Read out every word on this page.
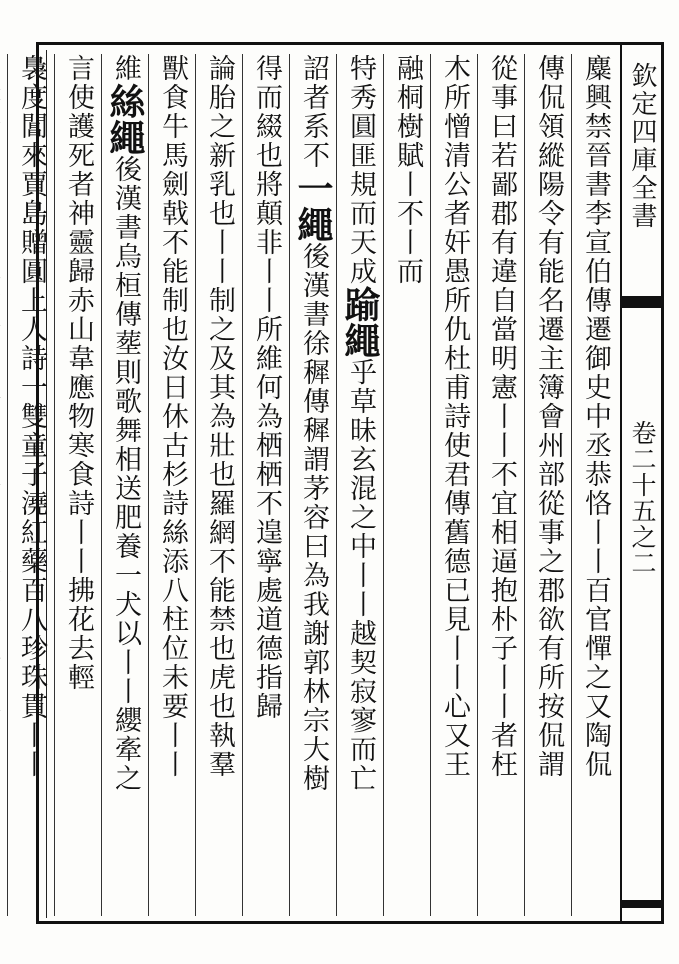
欽定四庫全書
卷二十五之二
麋興禁晉書李宣伯傳遷御史中丞恭恪丨丨百官憚之又陶侃
傳侃領縱陽令有能名遷主簿會州部從事之郡欲有所按侃謂
從事曰若鄙郡有違自當明憲丨丨不宜相逼抱朴子丨丨者枉
木所憎清公者奸愚所仇杜甫詩使君傳舊德已見丨丨心又王
融桐樹賦丨不丨而
特秀圓匪規而天成踰繩乎草昧玄混之中丨丨越契寂寥而亡
詔者系不一繩後漢書徐穉傳穉謂茅容曰為我謝郭林宗大樹
得而綴也將顛非丨丨所維何為栖栖不遑寧處道德指歸
論胎之新乳也丨丨制之及其為壯也羅網不能禁也虎也執羣
獸食牛馬劍戟不能制也汝日休古杉詩絲添八柱位未要丨丨
維絲繩後漢書烏桓傳塟則歌舞相送肥養一犬以丨丨纓牽之
言使護死者神靈歸赤山韋應物寒食詩丨丨拂花去輕
裊度閶來賈島贈圓上人詩一雙童子澆紅藥百八珍珠貫丨丨
